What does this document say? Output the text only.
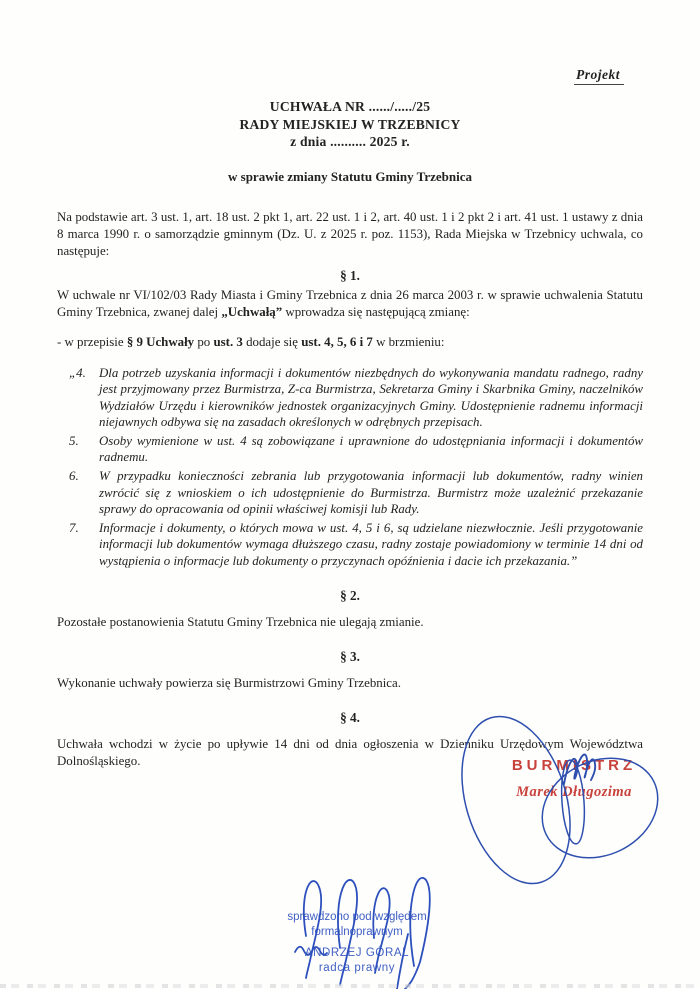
Projekt
UCHWAŁA NR ....../...../25
RADY MIEJSKIEJ W TRZEBNICY
z dnia .......... 2025 r.
w sprawie zmiany Statutu Gminy Trzebnica

Na podstawie art. 3 ust. 1, art. 18 ust. 2 pkt 1, art. 22 ust. 1 i 2, art. 40 ust. 1 i 2 pkt 2 i art. 41 ust. 1 ustawy z dnia 8 marca 1990 r. o samorządzie gminnym (Dz. U. z 2025 r. poz. 1153), Rada Miejska w Trzebnicy uchwala, co następuje:

§ 1.

W uchwale nr VI/102/03 Rady Miasta i Gminy Trzebnica z dnia 26 marca 2003 r. w sprawie uchwalenia Statutu Gminy Trzebnica, zwanej dalej „Uchwałą” wprowadza się następującą zmianę:

- w przepisie § 9 Uchwały po ust. 3 dodaje się ust. 4, 5, 6 i 7 w brzmieniu:

„4.	Dla potrzeb uzyskania informacji i dokumentów niezbędnych do wykonywania mandatu radnego, radny jest przyjmowany przez Burmistrza, Z-ca Burmistrza, Sekretarza Gminy i Skarbnika Gminy, naczelników Wydziałów Urzędu i kierowników jednostek organizacyjnych Gminy. Udostępnienie radnemu informacji niejawnych odbywa się na zasadach określonych w odrębnych przepisach.
5.	Osoby wymienione w ust. 4 są zobowiązane i uprawnione do udostępniania informacji i dokumentów radnemu.
6.	W przypadku konieczności zebrania lub przygotowania informacji lub dokumentów, radny winien zwrócić się z wnioskiem o ich udostępnienie do Burmistrza. Burmistrz może uzależnić przekazanie sprawy do opracowania od opinii właściwej komisji lub Rady.
7.	Informacje i dokumenty, o których mowa w ust. 4, 5 i 6, są udzielane niezwłocznie. Jeśli przygotowanie informacji lub dokumentów wymaga dłuższego czasu, radny zostaje powiadomiony w terminie 14 dni od wystąpienia o informacje lub dokumenty o przyczynach opóźnienia i dacie ich przekazania.”
§ 2.

Pozostałe postanowienia Statutu Gminy Trzebnica nie ulegają zmianie.

§ 3.

Wykonanie uchwały powierza się Burmistrzowi Gminy Trzebnica.

§ 4.

Uchwała wchodzi w życie po upływie 14 dni od dnia ogłoszenia w Dzienniku Urzędowym Województwa Dolnośląskiego.	BURMISTRZ
Marek Długozima
sprawdzono pod względem
formalnoprawnym
ANDRZEJ GÓRAL
radca prawny
